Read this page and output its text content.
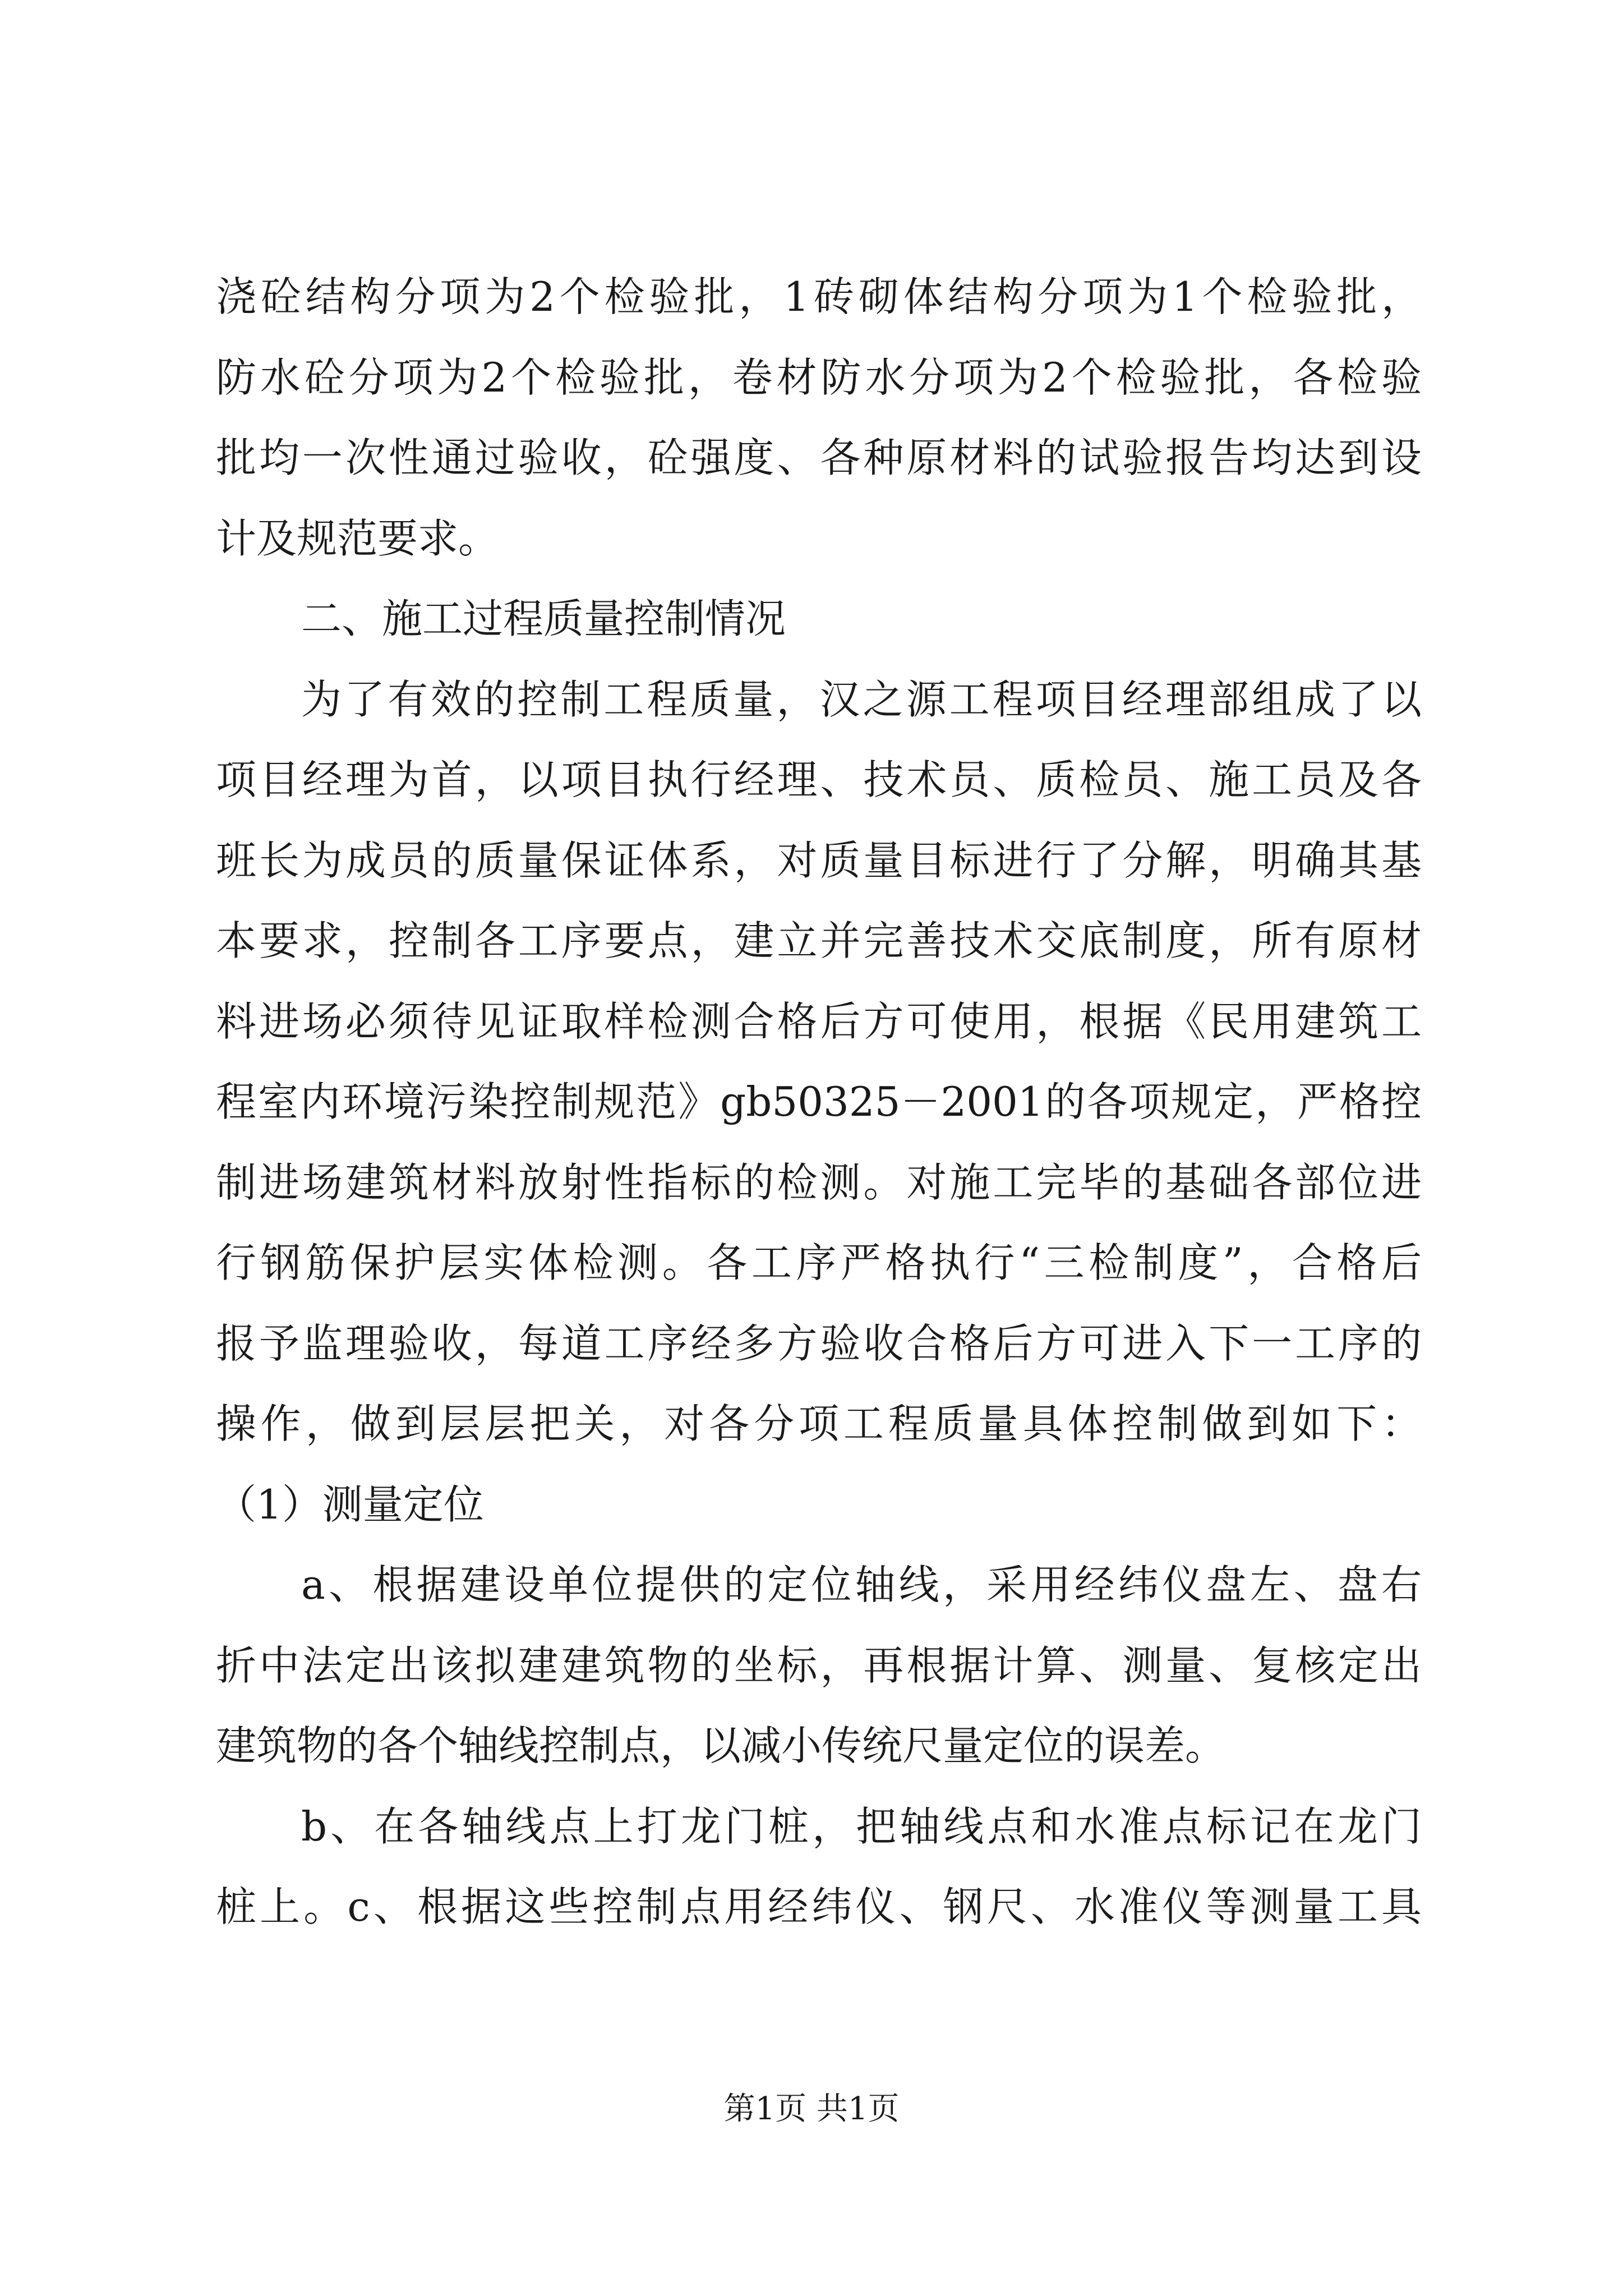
浇砼结构分项为2个检验批，1砖砌体结构分项为1个检验批，
防水砼分项为2个检验批，卷材防水分项为2个检验批，各检验
批均一次性通过验收，砼强度、各种原材料的试验报告均达到设
计及规范要求。
二、施工过程质量控制情况
为了有效的控制工程质量，汉之源工程项目经理部组成了以
项目经理为首，以项目执行经理、技术员、质检员、施工员及各
班长为成员的质量保证体系，对质量目标进行了分解，明确其基
本要求，控制各工序要点，建立并完善技术交底制度，所有原材
料进场必须待见证取样检测合格后方可使用，根据《民用建筑工
程室内环境污染控制规范》gb50325－2001的各项规定，严格控
制进场建筑材料放射性指标的检测。对施工完毕的基础各部位进
行钢筋保护层实体检测。各工序严格执行“三检制度”，合格后
报予监理验收，每道工序经多方验收合格后方可进入下一工序的
操作，做到层层把关，对各分项工程质量具体控制做到如下：
（1）测量定位
a、根据建设单位提供的定位轴线，采用经纬仪盘左、盘右
折中法定出该拟建建筑物的坐标，再根据计算、测量、复核定出
建筑物的各个轴线控制点，以减小传统尺量定位的误差。
b、在各轴线点上打龙门桩，把轴线点和水准点标记在龙门
桩上。c、根据这些控制点用经纬仪、钢尺、水准仪等测量工具
第1页 共1页
